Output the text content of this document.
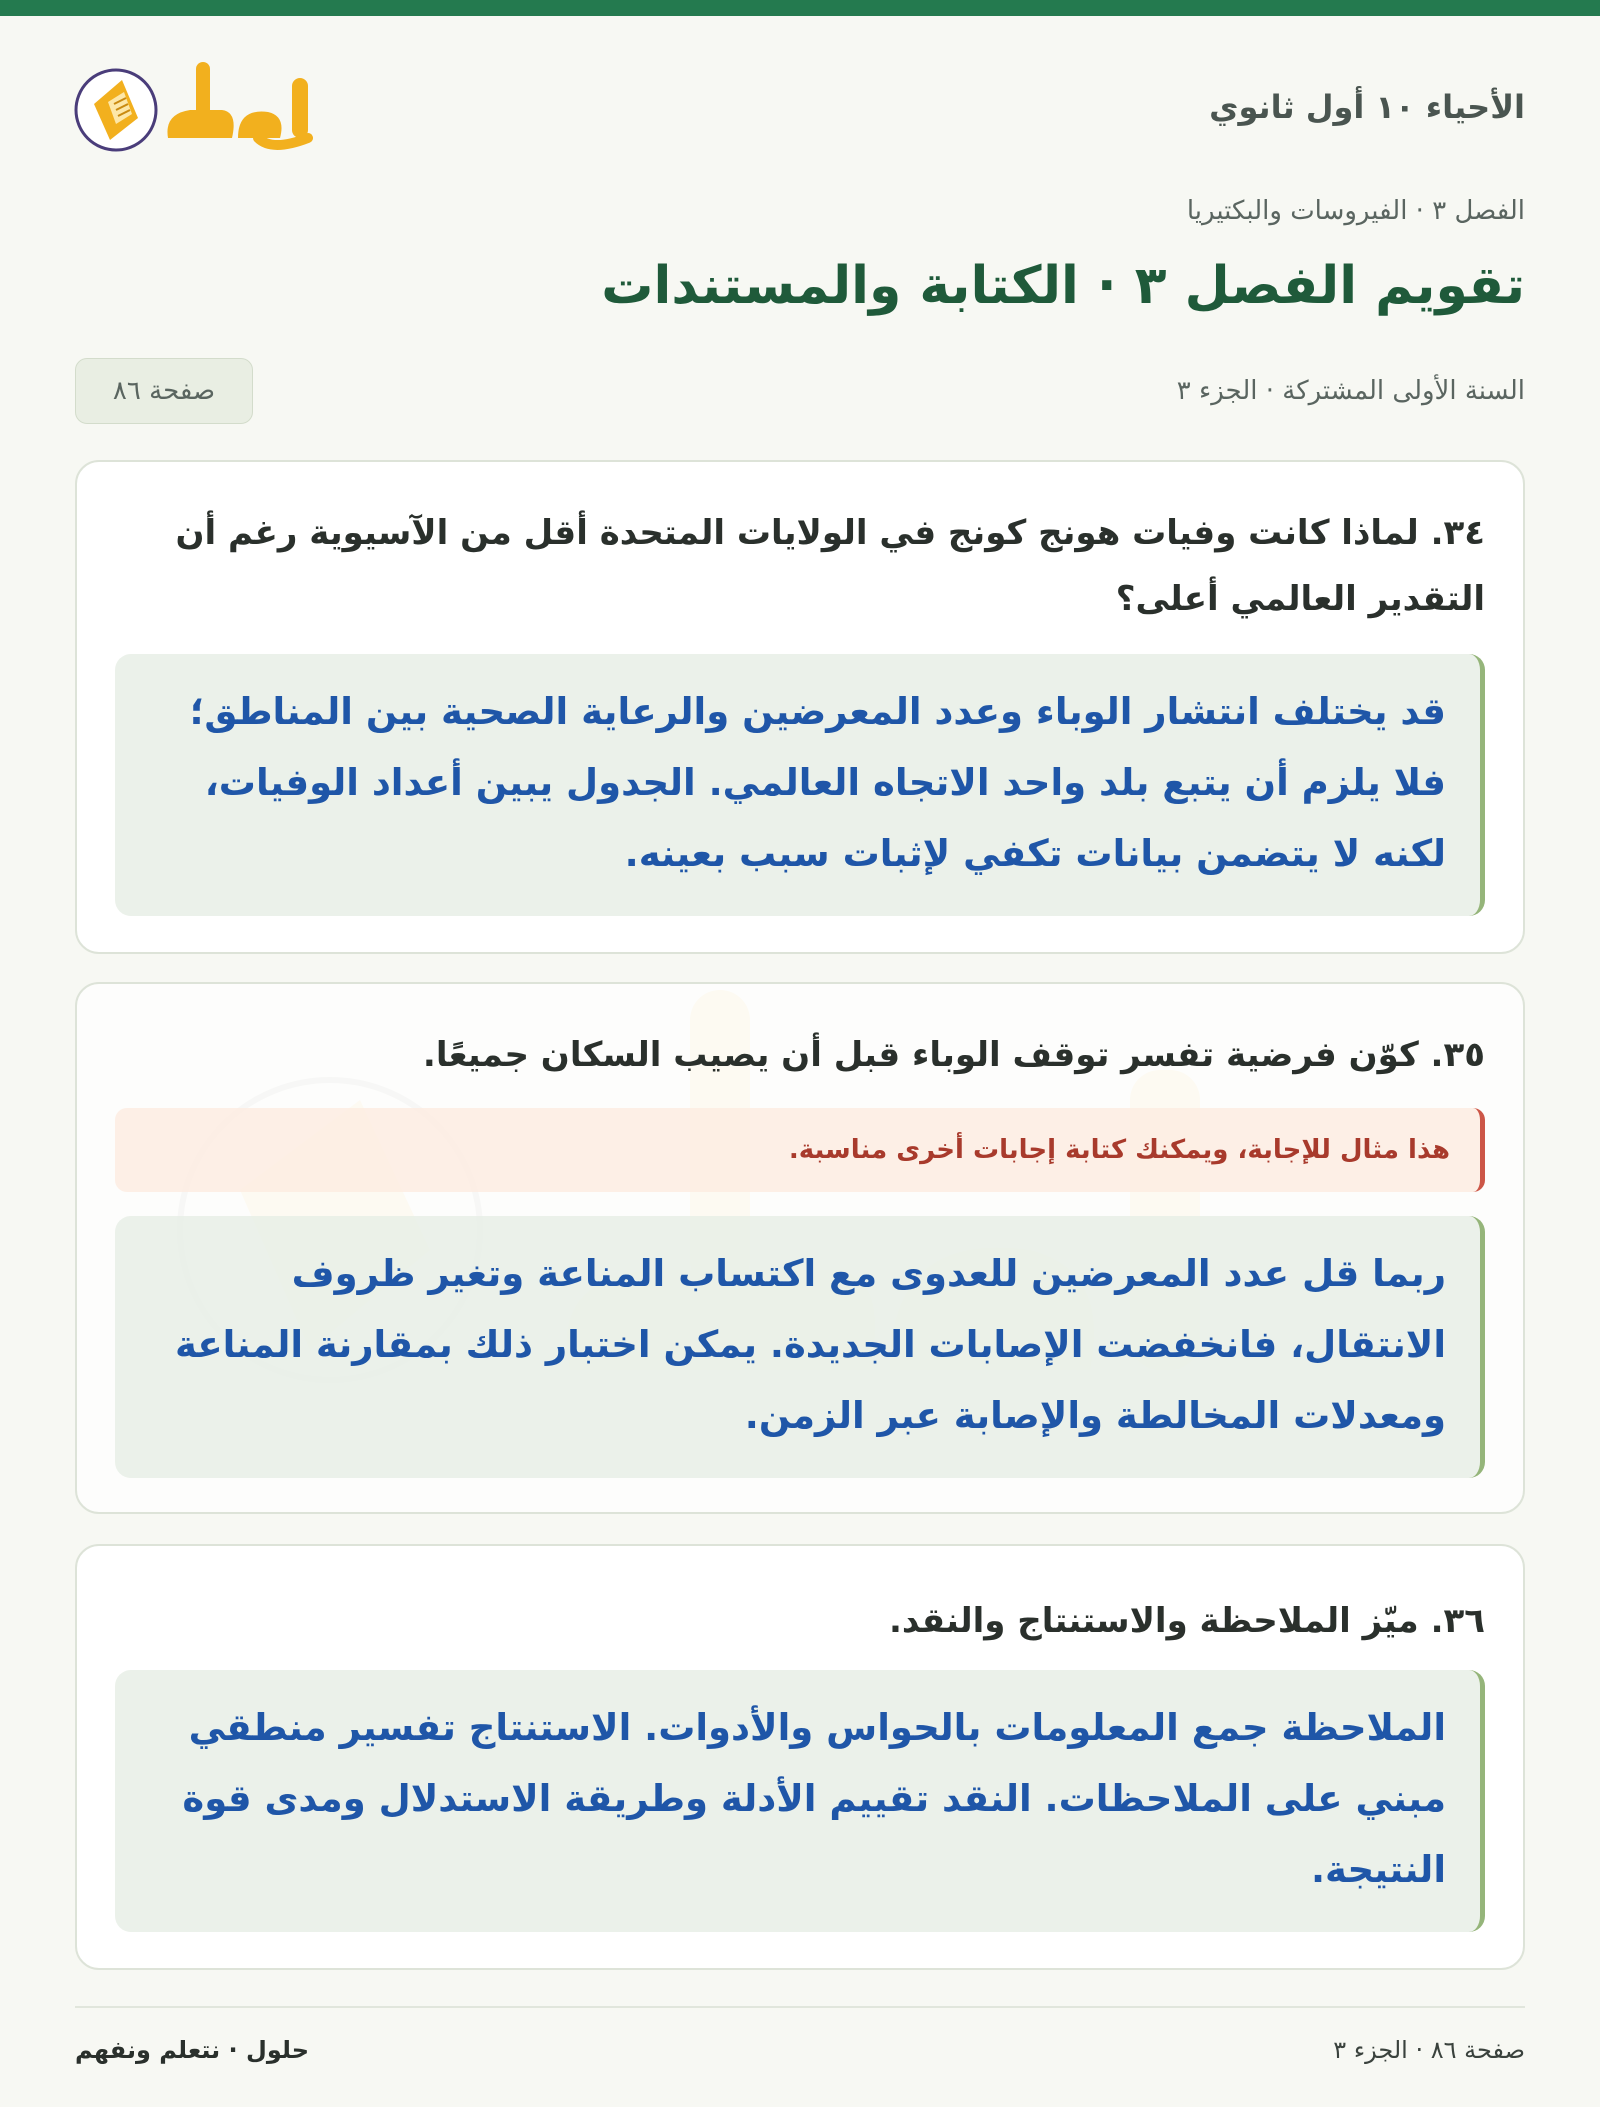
الأحياء ١٠ أول ثانوي
الفصل ٣ · الفيروسات والبكتيريا
تقويم الفصل ٣ · الكتابة والمستندات
السنة الأولى المشتركة · الجزء ٣
صفحة ٨٦
٣٤. لماذا كانت وفيات هونج كونج في الولايات المتحدة أقل من الآسيوية رغم أن التقدير العالمي أعلى؟
قد يختلف انتشار الوباء وعدد المعرضين والرعاية الصحية بين المناطق؛ فلا يلزم أن يتبع بلد واحد الاتجاه العالمي. الجدول يبين أعداد الوفيات، لكنه لا يتضمن بيانات تكفي لإثبات سبب بعينه.
٣٥. كوّن فرضية تفسر توقف الوباء قبل أن يصيب السكان جميعًا.
هذا مثال للإجابة، ويمكنك كتابة إجابات أخرى مناسبة.
ربما قل عدد المعرضين للعدوى مع اكتساب المناعة وتغير ظروف الانتقال، فانخفضت الإصابات الجديدة. يمكن اختبار ذلك بمقارنة المناعة ومعدلات المخالطة والإصابة عبر الزمن.
٣٦. ميّز الملاحظة والاستنتاج والنقد.
الملاحظة جمع المعلومات بالحواس والأدوات. الاستنتاج تفسير منطقي مبني على الملاحظات. النقد تقييم الأدلة وطريقة الاستدلال ومدى قوة النتيجة.
صفحة ٨٦ · الجزء ٣
حلول · نتعلم ونفهم
